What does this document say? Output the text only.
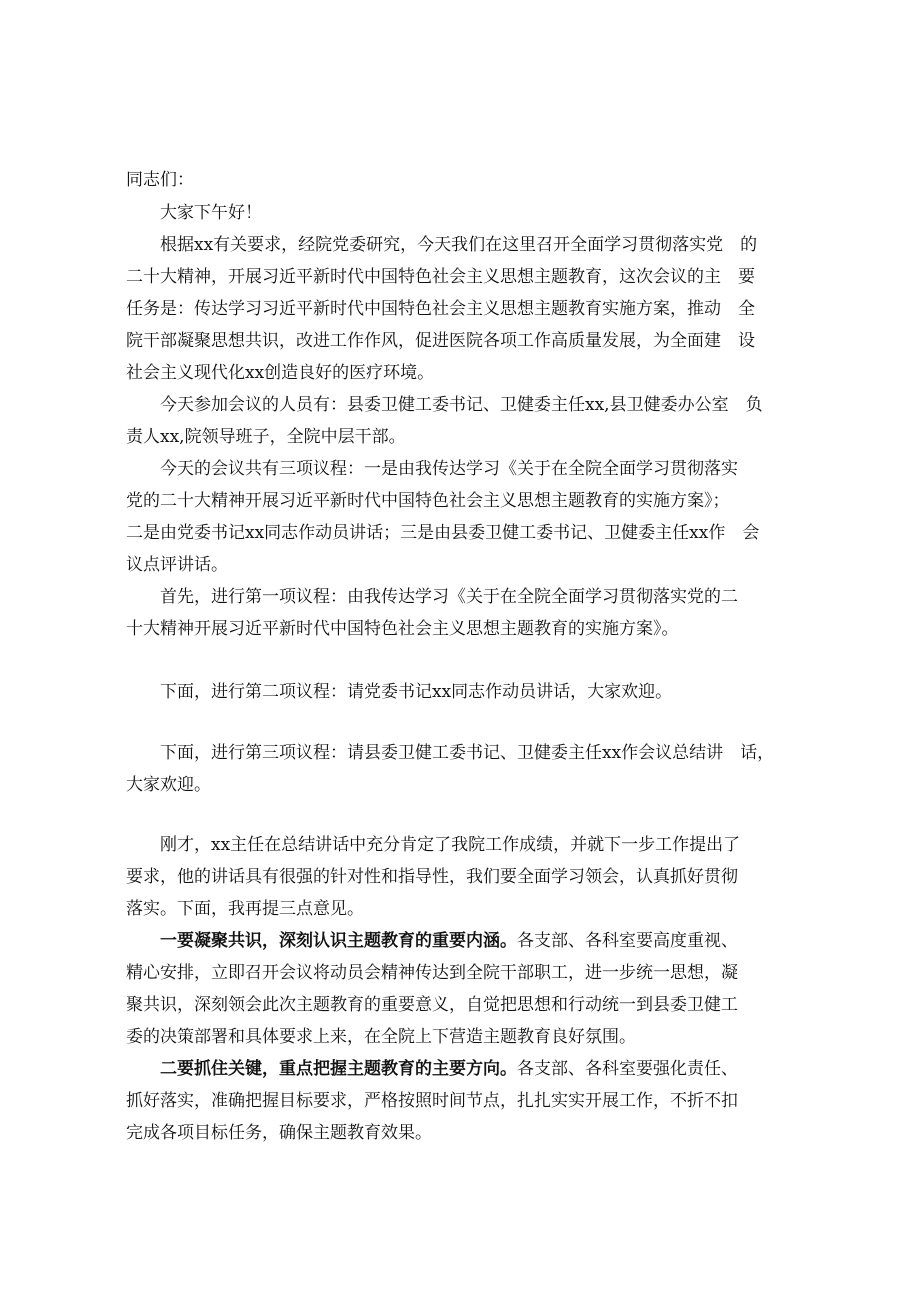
同志们：
大家下午好！
根据xx有关要求，经院党委研究，今天我们在这里召开全面学习贯彻落实党　的
二十大精神，开展习近平新时代中国特色社会主义思想主题教育，这次会议的主　要
任务是：传达学习习近平新时代中国特色社会主义思想主题教育实施方案，推动　全
院干部凝聚思想共识，改进工作作风，促进医院各项工作高质量发展，为全面建　设
社会主义现代化xx创造良好的医疗环境。
今天参加会议的人员有：县委卫健工委书记、卫健委主任xx,县卫健委办公室　负
责人xx,院领导班子，全院中层干部。
今天的会议共有三项议程：一是由我传达学习《关于在全院全面学习贯彻落实
党的二十大精神开展习近平新时代中国特色社会主义思想主题教育的实施方案》；
二是由党委书记xx同志作动员讲话；三是由县委卫健工委书记、卫健委主任xx作　会
议点评讲话。
首先，进行第一项议程：由我传达学习《关于在全院全面学习贯彻落实党的二
十大精神开展习近平新时代中国特色社会主义思想主题教育的实施方案》。
下面，进行第二项议程：请党委书记xx同志作动员讲话，大家欢迎。
下面，进行第三项议程：请县委卫健工委书记、卫健委主任xx作会议总结讲　话，
大家欢迎。
刚才，xx主任在总结讲话中充分肯定了我院工作成绩，并就下一步工作提出了
要求，他的讲话具有很强的针对性和指导性，我们要全面学习领会，认真抓好贯彻
落实。下面，我再提三点意见。
一要凝聚共识，深刻认识主题教育的重要内涵。各支部、各科室要高度重视、
精心安排，立即召开会议将动员会精神传达到全院干部职工，进一步统一思想，凝
聚共识，深刻领会此次主题教育的重要意义，自觉把思想和行动统一到县委卫健工
委的决策部署和具体要求上来，在全院上下营造主题教育良好氛围。
二要抓住关键，重点把握主题教育的主要方向。各支部、各科室要强化责任、
抓好落实，准确把握目标要求，严格按照时间节点，扎扎实实开展工作，不折不扣
完成各项目标任务，确保主题教育效果。
